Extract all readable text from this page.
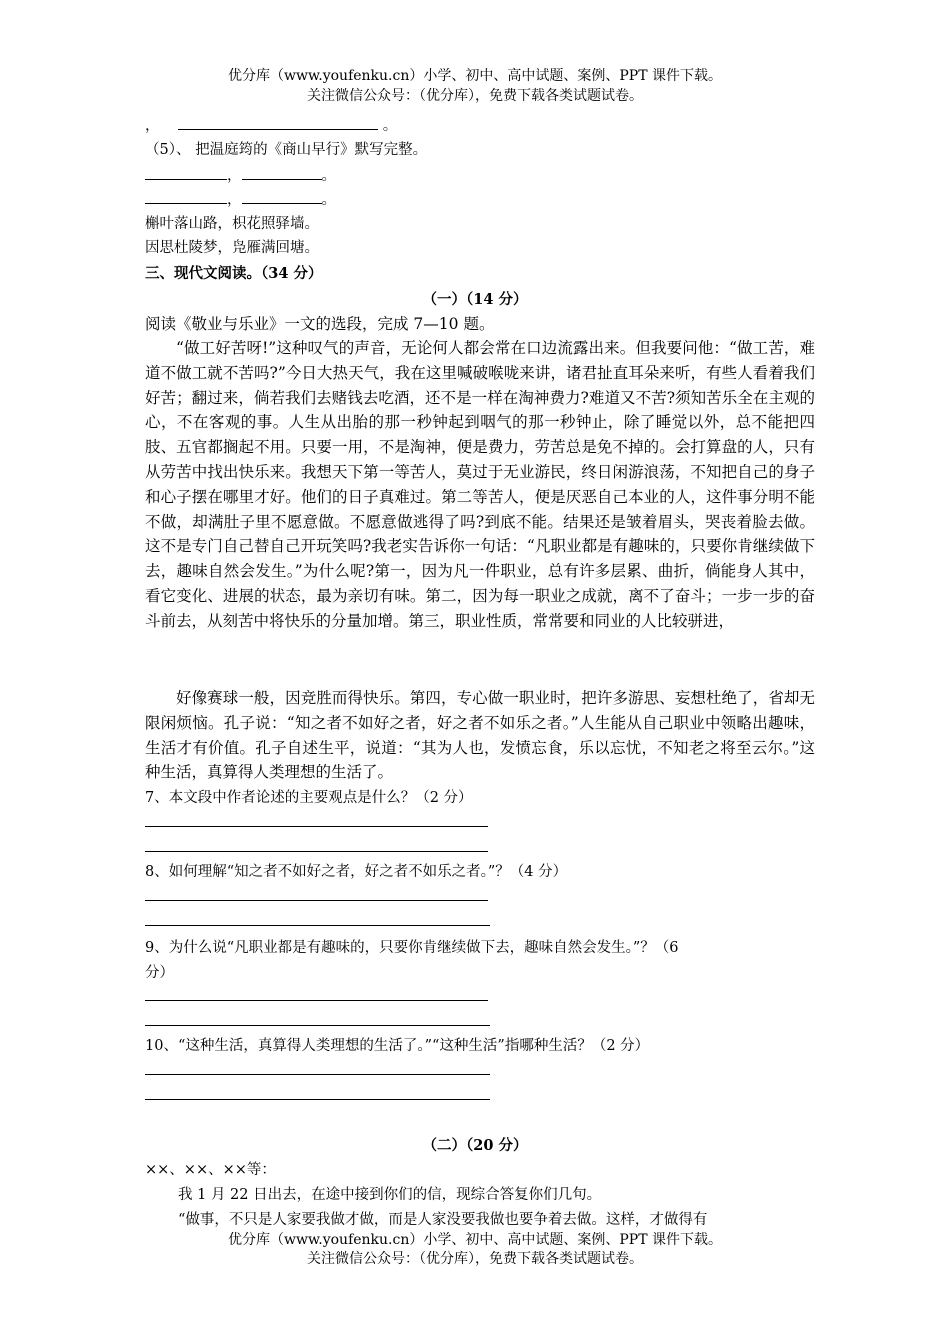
优分库（www.youfenku.cn）小学、初中、高中试题、案例、PPT 课件下载。
关注微信公众号：（优分库），免费下载各类试题试卷。
，	。
（5）、 把温庭筠的《商山早行》默写完整。
，	。
，	。
槲叶落山路，枳花照驿墙。
因思杜陵梦，凫雁满回塘。
三、现代文阅读。（34 分）
（一）（14 分）
阅读《敬业与乐业》一文的选段，完成 7—10 题。
“做工好苦呀!”这种叹气的声音，无论何人都会常在口边流露出来。但我要问他：“做工苦，难道不做工就不苦吗?”今日大热天气，我在这里喊破喉咙来讲，诸君扯直耳朵来听，有些人看着我们好苦；翻过来，倘若我们去赌钱去吃酒，还不是一样在淘神费力?难道又不苦?须知苦乐全在主观的心，不在客观的事。人生从出胎的那一秒钟起到咽气的那一秒钟止，除了睡觉以外，总不能把四肢、五官都搁起不用。只要一用，不是淘神，便是费力，劳苦总是免不掉的。会打算盘的人，只有从劳苦中找出快乐来。我想天下第一等苦人，莫过于无业游民，终日闲游浪荡，不知把自己的身子和心子摆在哪里才好。他们的日子真难过。第二等苦人，便是厌恶自己本业的人，这件事分明不能不做，却满肚子里不愿意做。不愿意做逃得了吗?到底不能。结果还是皱着眉头，哭丧着脸去做。这不是专门自己替自己开玩笑吗?我老实告诉你一句话：“凡职业都是有趣味的，只要你肯继续做下去，趣味自然会发生。”为什么呢?第一，因为凡一件职业，总有许多层累、曲折，倘能身人其中，看它变化、进展的状态，最为亲切有味。第二，因为每一职业之成就，离不了奋斗；一步一步的奋斗前去，从刻苦中将快乐的分量加增。第三，职业性质，常常要和同业的人比较骈进，
好像赛球一般，因竞胜而得快乐。第四，专心做一职业时，把许多游思、妄想杜绝了，省却无限闲烦恼。孔子说：“知之者不如好之者，好之者不如乐之者。”人生能从自己职业中领略出趣味，生活才有价值。孔子自述生平，说道：“其为人也，发愤忘食，乐以忘忧，不知老之将至云尔。”这种生活，真算得人类理想的生活了。
7、本文段中作者论述的主要观点是什么？（2 分）
8、如何理解“知之者不如好之者，好之者不如乐之者。”？（4 分）
9、为什么说“凡职业都是有趣味的，只要你肯继续做下去，趣味自然会发生。”？（6
分）
10、“这种生活，真算得人类理想的生活了。”“这种生活”指哪种生活？（2 分）
（二）（20 分）
××、××、××等：
我 1 月 22 日出去，在途中接到你们的信，现综合答复你们几句。
“做事，不只是人家要我做才做，而是人家没要我做也要争着去做。这样，才做得有
优分库（www.youfenku.cn）小学、初中、高中试题、案例、PPT 课件下载。
关注微信公众号：（优分库），免费下载各类试题试卷。
